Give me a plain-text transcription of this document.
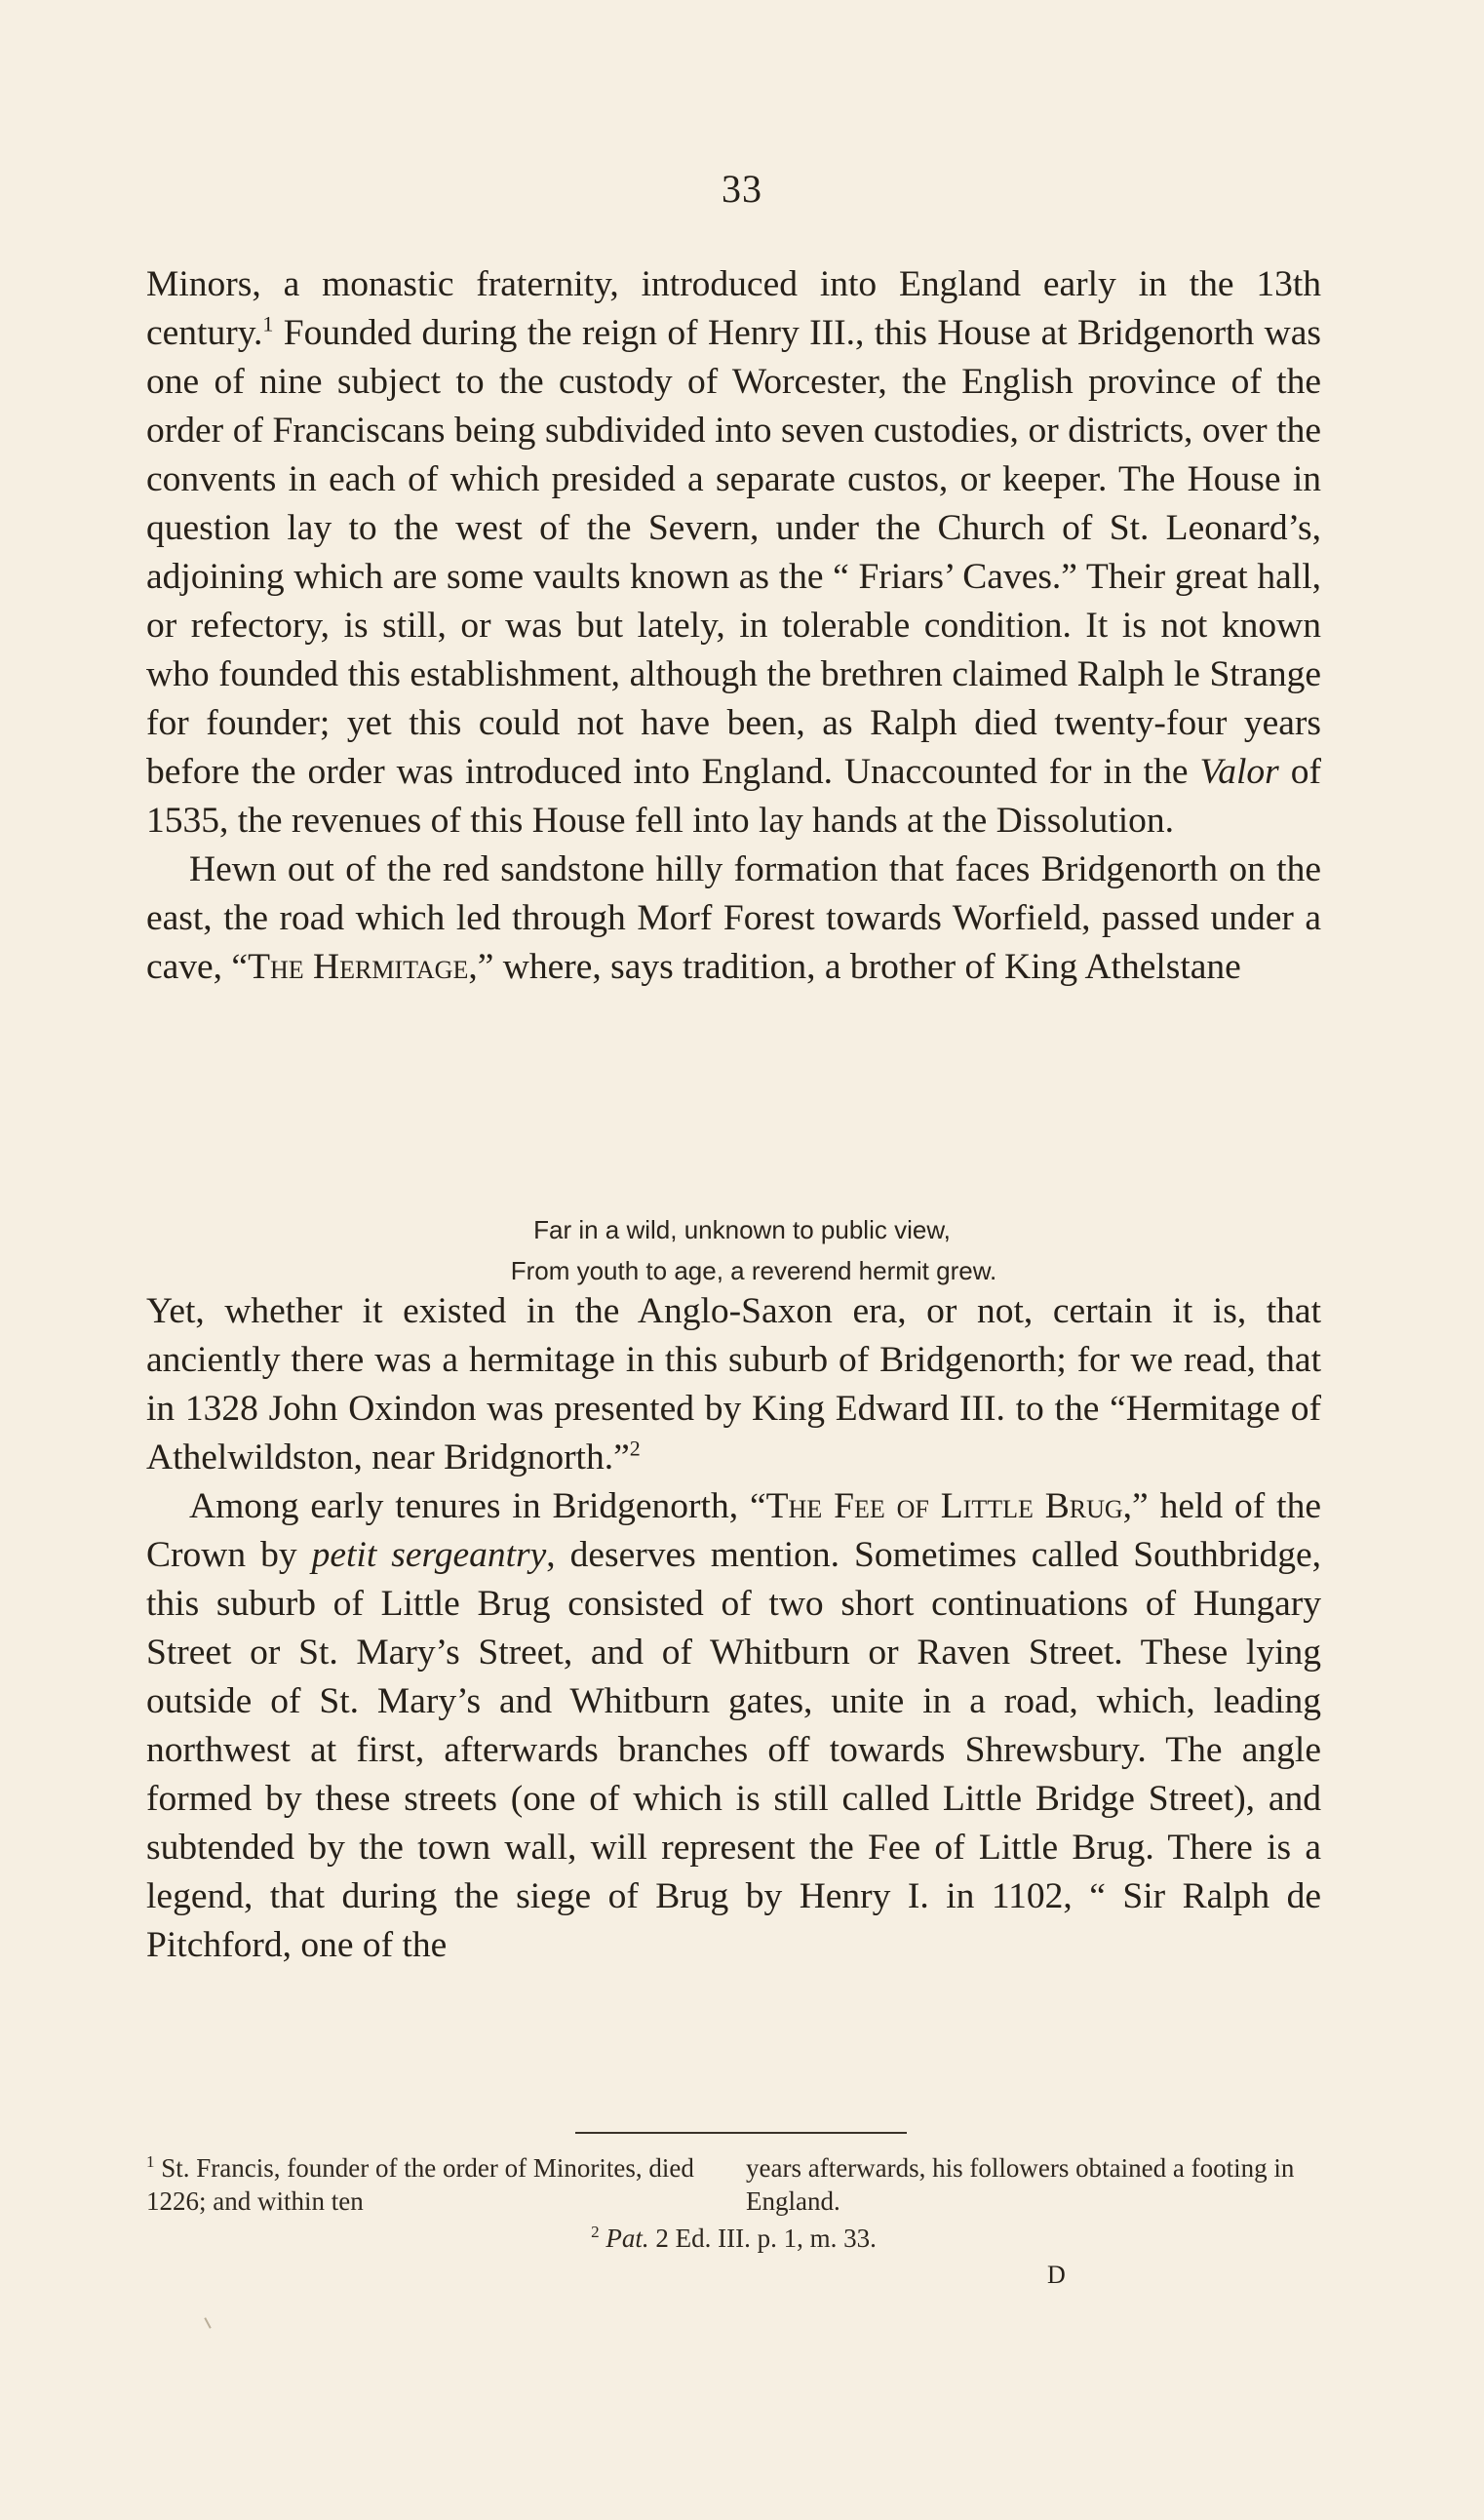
33

Minors, a monastic fraternity, introduced into England early in the 13th century.$^1$ Founded during the reign of Henry III., this House at Bridgenorth was one of nine subject to the custody of Worcester, the English province of the order of Franciscans being subdivided into seven custodies, or districts, over the convents in each of which presided a separate custos, or keeper. The House in question lay to the west of the Severn, under the Church of St. Leonard’s, adjoining which are some vaults known as the “ Friars’ Caves.” Their great hall, or refectory, is still, or was but lately, in tolerable condition. It is not known who founded this establishment, although the brethren claimed Ralph le Strange for founder; yet this could not have been, as Ralph died twenty-four years before the order was introduced into England. Unaccounted for in the Valor of 1535, the revenues of this House fell into lay hands at the Dissolution.

Hewn out of the red sandstone hilly formation that faces Bridgenorth on the east, the road which led through Morf Forest towards Worfield, passed under a cave, “The Hermitage,” where, says tradition, a brother of King Athelstane

Far in a wild, unknown to public view,
From youth to age, a reverend hermit grew.

Yet, whether it existed in the Anglo-Saxon era, or not, certain it is, that anciently there was a hermitage in this suburb of Bridgenorth; for we read, that in 1328 John Oxindon was presented by King Edward III. to the “Hermitage of Athelwildston, near Bridgnorth.”$^2$

Among early tenures in Bridgenorth, “The Fee of Little Brug,” held of the Crown by petit sergeantry, deserves mention. Sometimes called Southbridge, this suburb of Little Brug consisted of two short continuations of Hungary Street or St. Mary’s Street, and of Whitburn or Raven Street. These lying outside of St. Mary’s and Whitburn gates, unite in a road, which, leading northwest at first, afterwards branches off towards Shrewsbury. The angle formed by these streets (one of which is still called Little Bridge Street), and subtended by the town wall, will represent the Fee of Little Brug. There is a legend, that during the siege of Brug by Henry I. in 1102, “ Sir Ralph de Pitchford, one of the

$^1$ St. Francis, founder of the order of Minorites, died 1226; and within ten
years afterwards, his followers obtained a footing in England.
$^2$ Pat. 2 Ed. III. p. 1, m. 33.
D
